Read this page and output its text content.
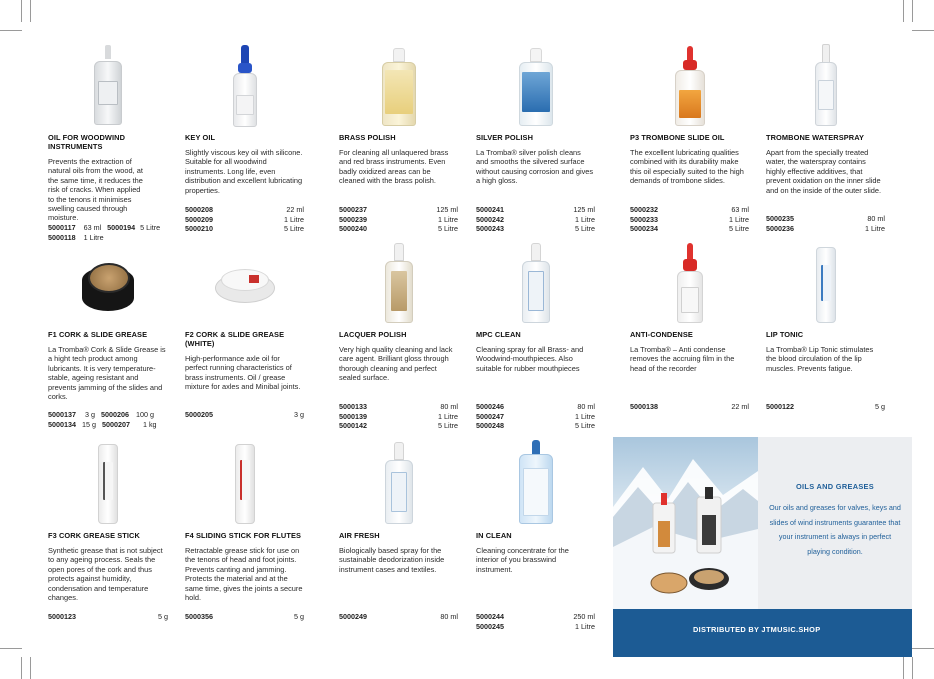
OIL FOR WOODWIND INSTRUMENTS
Prevents the extraction of natural oils from the wood, at the same time, it reduces the risk of cracks. When applied to the tenons it minimises swelling caused through moisture.
5000117 63 ml 5000194 5 Litre
5000118 1 Litre
KEY OIL
Slightly viscous key oil with silicone. Suitable for all woodwind instruments. Long life, even distribution and excellent lubricating properties.
5000208	22 ml
5000209	1 Litre
5000210	5 Litre
BRASS POLISH
For cleaning all unlaquered brass and red brass instruments. Even badly oxidized areas can be cleaned with the brass polish.
5000237	125 ml
5000239	1 Litre
5000240	5 Litre
SILVER POLISH
La Tromba® silver polish cleans and smooths the silvered surface without causing corrosion and gives a high gloss.
5000241	125 ml
5000242	1 Litre
5000243	5 Litre
P3 TROMBONE SLIDE OIL
The excellent lubricating qualities combined with its durability make this oil especially suited to the high demands of trombone slides.
5000232	63 ml
5000233	1 Litre
5000234	5 Litre
TROMBONE WATERSPRAY
Apart from the specially treated water, the waterspray contains highly effective additives, that prevent oxidation on the inner slide and on the inside of the outer slide.
5000235	80 ml
5000236	1 Litre
F1 CORK & SLIDE GREASE
La Tromba® Cork & Slide Grease is a hight tech product among lubricants. It is very temperature-stable, ageing resistant and prevents jamming of the slides and corks.
5000137 3 g 5000206 100 g
5000134 15 g 5000207 1 kg
F2 CORK & SLIDE GREASE (WHITE)
High-performance axle oil for perfect running characteristics of brass instruments. Oil / grease mixture for axles and Minibal joints.
5000205	3 g
LACQUER POLISH
Very high quality cleaning and lack care agent. Brilliant gloss through thorough cleaning and perfect sealed surface.
5000133	80 ml
5000139	1 Litre
5000142	5 Litre
MPC CLEAN
Cleaning spray for all Brass- and Woodwind-mouthpieces. Also suitable for rubber mouthpieces
5000246	80 ml
5000247	1 Litre
5000248	5 Litre
ANTI-CONDENSE
La Tromba® – Anti condense removes the accruing film in the head of the recorder
5000138	22 ml
LIP TONIC
La Tromba® Lip Tonic stimulates the blood circulation of the lip muscles. Prevents fatigue.
5000122	5 g
F3 CORK GREASE STICK
Synthetic grease that is not subject to any ageing process. Seals the open pores of the cork and thus protects against humidity, condensation and temperature changes.
5000123	5 g
F4 SLIDING STICK FOR FLUTES
Retractable grease stick for use on the tenons of head and foot joints. Prevents canting and jamming. Protects the material and at the same time, gives the joints a secure hold.
5000356	5 g
AIR FRESH
Biologically based spray for the sustainable deodorization inside instrument cases and textiles.
5000249	80 ml
IN CLEAN
Cleaning concentrate for the interior of you brasswind instrument.
5000244	250 ml
5000245	1 Litre
OILS AND GREASES
Our oils and greases for valves, keys and slides of wind instruments guarantee that your instrument is always in perfect playing condition.
DISTRIBUTED BY JTMUSIC.SHOP
